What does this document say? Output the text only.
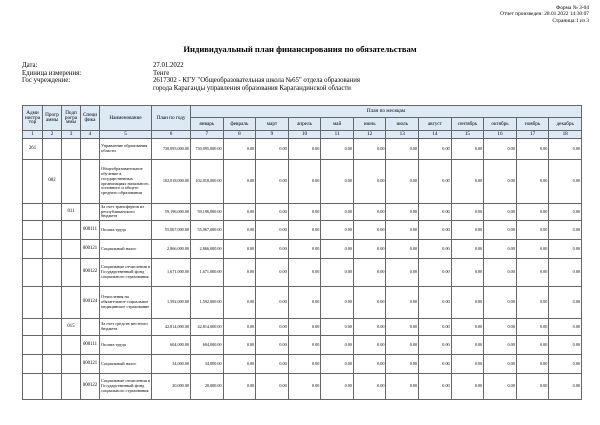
Форма № 3-04
Отчет произведен: 28.01.2022 14:30:07
Страница:1 из 3
Индивидуальный план финансирования по обязательствам
Дата:	27.01.2022
Единица измерения:	Тенге
Гос учреждение:	2617302 - КГУ "Общеобразовательная школа №65" отдела образования
города Караганды управления образования Карагандинской области
Адми нистра тор	Прогр аммы	Подп рогра ммы	Специ фика	Наименование	План по году	План по месяцам											
						январь	февраль	март	апрель	май	июнь	июль	август	сентябрь	октябрь	ноябрь	декабрь
1	2	3	4	5	6	7	8	9	10	11	12	13	14	15	16	17	18
261				Управление образования области	730,095,000.00	730,095,000.00	0.00	0.00	0.00	0.00	0.00	0.00	0.00	0.00	0.00	0.00	0.00
	082			Общеобразовательное обучение в государственных организациях начального, основного и общего среднего образования	102,018,000.00	102,018,000.00	0.00	0.00	0.00	0.00	0.00	0.00	0.00	0.00	0.00	0.00	0.00
		011		За счет трансфертов из республиканского бюджета	59,196,000.00	59,196,000.00	0.00	0.00	0.00	0.00	0.00	0.00	0.00	0.00	0.00	0.00	0.00
			000111	Оплата труда	55,067,000.00	55,067,000.00	0.00	0.00	0.00	0.00	0.00	0.00	0.00	0.00	0.00	0.00	0.00
			000121	Социальный налог	2,866,000.00	2,866,000.00	0.00	0.00	0.00	0.00	0.00	0.00	0.00	0.00	0.00	0.00	0.00
			000122	Социальные отчисления в Государственный фонд социального страхования	1,671,000.00	1,671,000.00	0.00	0.00	0.00	0.00	0.00	0.00	0.00	0.00	0.00	0.00	0.00
			000124	Отчисления на обязательное социальное медицинское страхование	1,592,000.00	1,592,000.00	0.00	0.00	0.00	0.00	0.00	0.00	0.00	0.00	0.00	0.00	0.00
		015		За счет средств местного бюджета	42,814,000.00	42,814,000.00	0.00	0.00	0.00	0.00	0.00	0.00	0.00	0.00	0.00	0.00	0.00
			000111	Оплата труда	604,000.00	604,000.00	0.00	0.00	0.00	0.00	0.00	0.00	0.00	0.00	0.00	0.00	0.00
			000121	Социальный налог	34,000.00	34,000.00	0.00	0.00	0.00	0.00	0.00	0.00	0.00	0.00	0.00	0.00	0.00
			000122	Социальные отчисления в Государственный фонд социального страхования	20,000.00	20,000.00	0.00	0.00	0.00	0.00	0.00	0.00	0.00	0.00	0.00	0.00	0.00
